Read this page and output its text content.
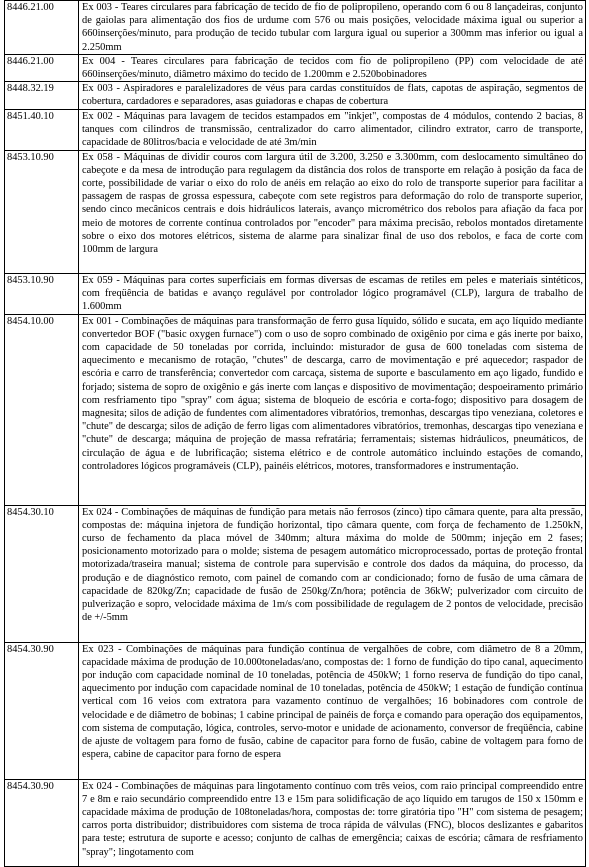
8446.21.00	Ex 003 - Teares circulares para fabricação de tecido de fio de polipropileno, operando com 6 ou 8 lançadeiras, conjunto de gaiolas para alimentação dos fios de urdume com 576 ou mais posições, velocidade máxima igual ou superior a 660inserções/minuto, para produção de tecido tubular com largura igual ou superior a 300mm mas inferior ou igual a 2.250mm
8446.21.00	Ex 004 - Teares circulares para fabricação de tecidos com fio de polipropileno (PP) com velocidade de até 660inserções/minuto, diâmetro máximo do tecido de 1.200mm e 2.520bobinadores
8448.32.19	Ex 003 - Aspiradores e paralelizadores de véus para cardas constituídos de flats, capotas de aspiração, segmentos de cobertura, cardadores e separadores, asas guiadoras e chapas de cobertura
8451.40.10	Ex 002 - Máquinas para lavagem de tecidos estampados em "inkjet", compostas de 4 módulos, contendo 2 bacias, 8 tanques com cilindros de transmissão, centralizador do carro alimentador, cilindro extrator, carro de transporte, capacidade de 80litros/bacia e velocidade de até 3m/min
8453.10.90	Ex 058 - Máquinas de dividir couros com largura útil de 3.200, 3.250 e 3.300mm, com deslocamento simultâneo do cabeçote e da mesa de introdução para regulagem da distância dos rolos de transporte em relação à posição da faca de corte, possibilidade de variar o eixo do rolo de anéis em relação ao eixo do rolo de transporte superior para facilitar a passagem de raspas de grossa espessura, cabeçote com sete registros para deformação do rolo de transporte superior, sendo cinco mecânicos centrais e dois hidráulicos laterais, avanço micrométrico dos rebolos para afiação da faca por meio de motores de corrente contínua controlados por "encoder" para máxima precisão, rebolos montados diretamente sobre o eixo dos motores elétricos, sistema de alarme para sinalizar final de uso dos rebolos, e faca de corte com 100mm de largura
8453.10.90	Ex 059 - Máquinas para cortes superficiais em formas diversas de escamas de retiles em peles e materiais sintéticos, com freqüência de batidas e avanço regulável por controlador lógico programável (CLP), largura de trabalho de 1.600mm
8454.10.00	Ex 001 - Combinações de máquinas para transformação de ferro gusa líquido, sólido e sucata, em aço líquido mediante convertedor BOF ("basic oxygen furnace") com o uso de sopro combinado de oxigênio por cima e gás inerte por baixo, com capacidade de 50 toneladas por corrida, incluindo: misturador de gusa de 600 toneladas com sistema de aquecimento e mecanismo de rotação, "chutes" de descarga, carro de movimentação e pré aquecedor; raspador de escória e carro de transferência; convertedor com carcaça, sistema de suporte e basculamento em aço ligado, fundido e forjado; sistema de sopro de oxigênio e gás inerte com lanças e dispositivo de movimentação; despoeiramento primário com resfriamento tipo "spray" com água; sistema de bloqueio de escória e corta-fogo; dispositivo para dosagem de magnesita; silos de adição de fundentes com alimentadores vibratórios, tremonhas, descargas tipo veneziana, coletores e "chute" de descarga; silos de adição de ferro ligas com alimentadores vibratórios, tremonhas, descargas tipo veneziana e "chute" de descarga; máquina de projeção de massa refratária; ferramentais; sistemas hidráulicos, pneumáticos, de circulação de água e de lubrificação; sistema elétrico e de controle automático incluindo estações de comando, controladores lógicos programáveis (CLP), painéis elétricos, motores, transformadores e instrumentação.
8454.30.10	Ex 024 - Combinações de máquinas de fundição para metais não ferrosos (zinco) tipo câmara quente, para alta pressão, compostas de: máquina injetora de fundição horizontal, tipo câmara quente, com força de fechamento de 1.250kN, curso de fechamento da placa móvel de 340mm; altura máxima do molde de 500mm; injeção em 2 fases; posicionamento motorizado para o molde; sistema de pesagem automático microprocessado, portas de proteção frontal motorizada/traseira manual; sistema de controle para supervisão e controle dos dados da máquina, do processo, da produção e de diagnóstico remoto, com painel de comando com ar condicionado; forno de fusão de uma câmara de capacidade de 820kg/Zn; capacidade de fusão de 250kg/Zn/hora; potência de 36kW; pulverizador com circuito de pulverização e sopro, velocidade máxima de 1m/s com possibilidade de regulagem de 2 pontos de velocidade, precisão de +/-5mm
8454.30.90	Ex 023 - Combinações de máquinas para fundição contínua de vergalhões de cobre, com diâmetro de 8 a 20mm, capacidade máxima de produção de 10.000toneladas/ano, compostas de: 1 forno de fundição do tipo canal, aquecimento por indução com capacidade nominal de 10 toneladas, potência de 450kW; 1 forno reserva de fundição do tipo canal, aquecimento por indução com capacidade nominal de 10 toneladas, potência de 450kW; 1 estação de fundição contínua vertical com 16 veios com extratora para vazamento contínuo de vergalhões; 16 bobinadores com controle de velocidade e de diâmetro de bobinas; 1 cabine principal de painéis de força e comando para operação dos equipamentos, com sistema de computação, lógica, controles, servo-motor e unidade de acionamento, conversor de freqüência, cabine de ajuste de voltagem para forno de fusão, cabine de capacitor para forno de fusão, cabine de voltagem para forno de espera, cabine de capacitor para forno de espera
8454.30.90	Ex 024 - Combinações de máquinas para lingotamento contínuo com três veios, com raio principal compreendido entre 7 e 8m e raio secundário compreendido entre 13 e 15m para solidificação de aço líquido em tarugos de 150 x 150mm e capacidade máxima de produção de 108toneladas/hora, compostas de: torre giratória tipo "H" com sistema de pesagem; carros porta distribuidor; distribuidores com sistema de troca rápida de válvulas (FNC), blocos deslizantes e gabaritos para teste; estrutura de suporte e acesso; conjunto de calhas de emergência; caixas de escória; câmara de resfriamento "spray"; lingotamento com
